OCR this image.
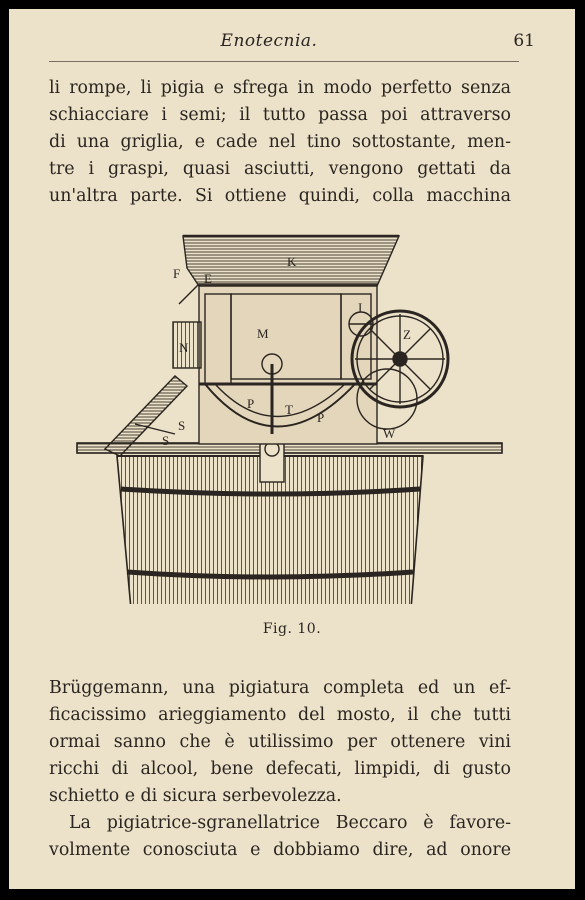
Enotecnia.	61

li rompe, li pigia e sfrega in modo perfetto senza
schiacciare i semi; il tutto passa poi attraverso
di una griglia, e cade nel tino sottostante, men-
tre i graspi, quasi asciutti, vengono gettati da
un'altra parte. Si ottiene quindi, colla macchina

K
F E
M
N
I
Z
P T
P
S
S	W
Fig. 10.

Brüggemann, una pigiatura completa ed un ef-
ficacissimo arieggiamento del mosto, il che tutti
ormai sanno che è utilissimo per ottenere vini
ricchi di alcool, bene defecati, limpidi, di gusto
schietto e di sicura serbevolezza.

La pigiatrice-sgranellatrice Beccaro è favore-
volmente conosciuta e dobbiamo dire, ad onore
